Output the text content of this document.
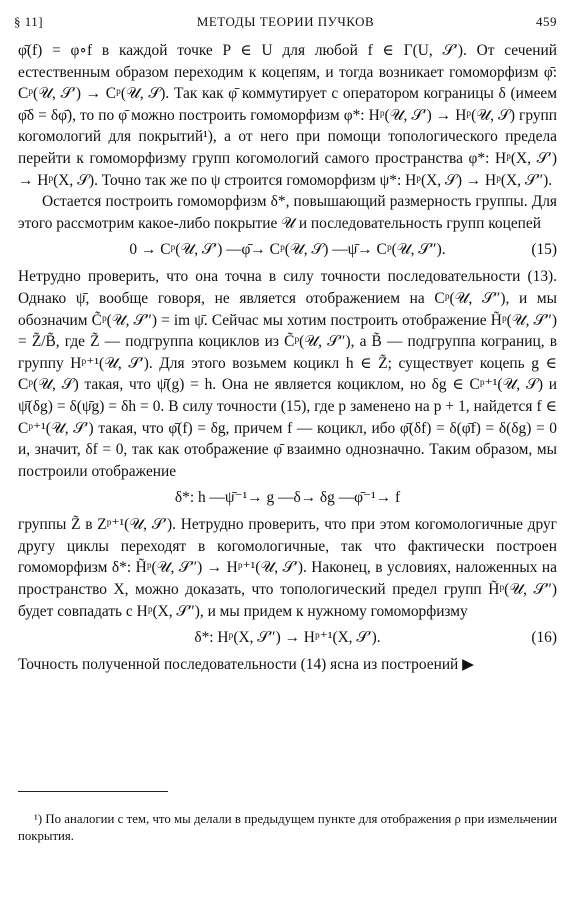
§ 11]	МЕТОДЫ ТЕОРИИ ПУЧКОВ	459

φ̄(f) = φ∘f в каждой точке P ∈ U для любой f ∈ Γ(U, 𝒮′). От сечений естественным образом переходим к коцепям, и тогда возникает гомоморфизм φ̄: Cᵖ(𝒰, 𝒮′) → Cᵖ(𝒰, 𝒮). Так как φ̄ коммутирует с оператором кограницы δ (имеем φ̄δ = δφ̄), то по φ̄ можно построить гомоморфизм φ*: Hᵖ(𝒰, 𝒮′) → Hᵖ(𝒰, 𝒮) групп когомологий для покрытий¹), а от него при помощи топологического предела перейти к гомоморфизму групп когомологий самого пространства φ*: Hᵖ(X, 𝒮′) → Hᵖ(X, 𝒮). Точно так же по ψ строится гомоморфизм ψ*: Hᵖ(X, 𝒮) → Hᵖ(X, 𝒮″).

Остается построить гомоморфизм δ*, повышающий размерность группы. Для этого рассмотрим какое-либо покрытие 𝒰 и последовательность групп коцепей

0 → Cᵖ(𝒰, 𝒮′) —φ̄→ Cᵖ(𝒰, 𝒮) —ψ̄→ Cᵖ(𝒰, 𝒮″).	(15)

Нетрудно проверить, что она точна в силу точности последовательности (13). Однако ψ̄, вообще говоря, не является отображением на Cᵖ(𝒰, 𝒮″), и мы обозначим C̃ᵖ(𝒰, 𝒮″) = im ψ̄. Сейчас мы хотим построить отображение H̃ᵖ(𝒰, 𝒮″) = Z̃/B̃, где Z̃ — подгруппа коциклов из C̃ᵖ(𝒰, 𝒮″), а B̃ — подгруппа кограниц, в группу Hᵖ⁺¹(𝒰, 𝒮′). Для этого возьмем коцикл h ∈ Z̃; существует коцепь g ∈ Cᵖ(𝒰, 𝒮) такая, что ψ̄(g) = h. Она не является коциклом, но δg ∈ Cᵖ⁺¹(𝒰, 𝒮) и ψ̄(δg) = δ(ψ̄g) = δh = 0. В силу точности (15), где p заменено на p + 1, найдется f ∈ Cᵖ⁺¹(𝒰, 𝒮′) такая, что φ̄(f) = δg, причем f — коцикл, ибо φ̄(δf) = δ(φ̄f) = δ(δg) = 0 и, значит, δf = 0, так как отображение φ̄ взаимно однозначно. Таким образом, мы построили отображение

δ*: h —ψ̄⁻¹→ g —δ→ δg —φ̄⁻¹→ f

группы Z̃ в Zᵖ⁺¹(𝒰, 𝒮′). Нетрудно проверить, что при этом когомологичные друг другу циклы переходят в когомологичные, так что фактически построен гомоморфизм δ*: H̃ᵖ(𝒰, 𝒮″) → Hᵖ⁺¹(𝒰, 𝒮′). Наконец, в условиях, наложенных на пространство X, можно доказать, что топологический предел групп H̃ᵖ(𝒰, 𝒮″) будет совпадать с Hᵖ(X, 𝒮″), и мы придем к нужному гомоморфизму

δ*: Hᵖ(X, 𝒮″) → Hᵖ⁺¹(X, 𝒮′).	(16)

Точность полученной последовательности (14) ясна из построений ▶

¹) По аналогии с тем, что мы делали в предыдущем пункте для отображения ρ при измельчении покрытия.
